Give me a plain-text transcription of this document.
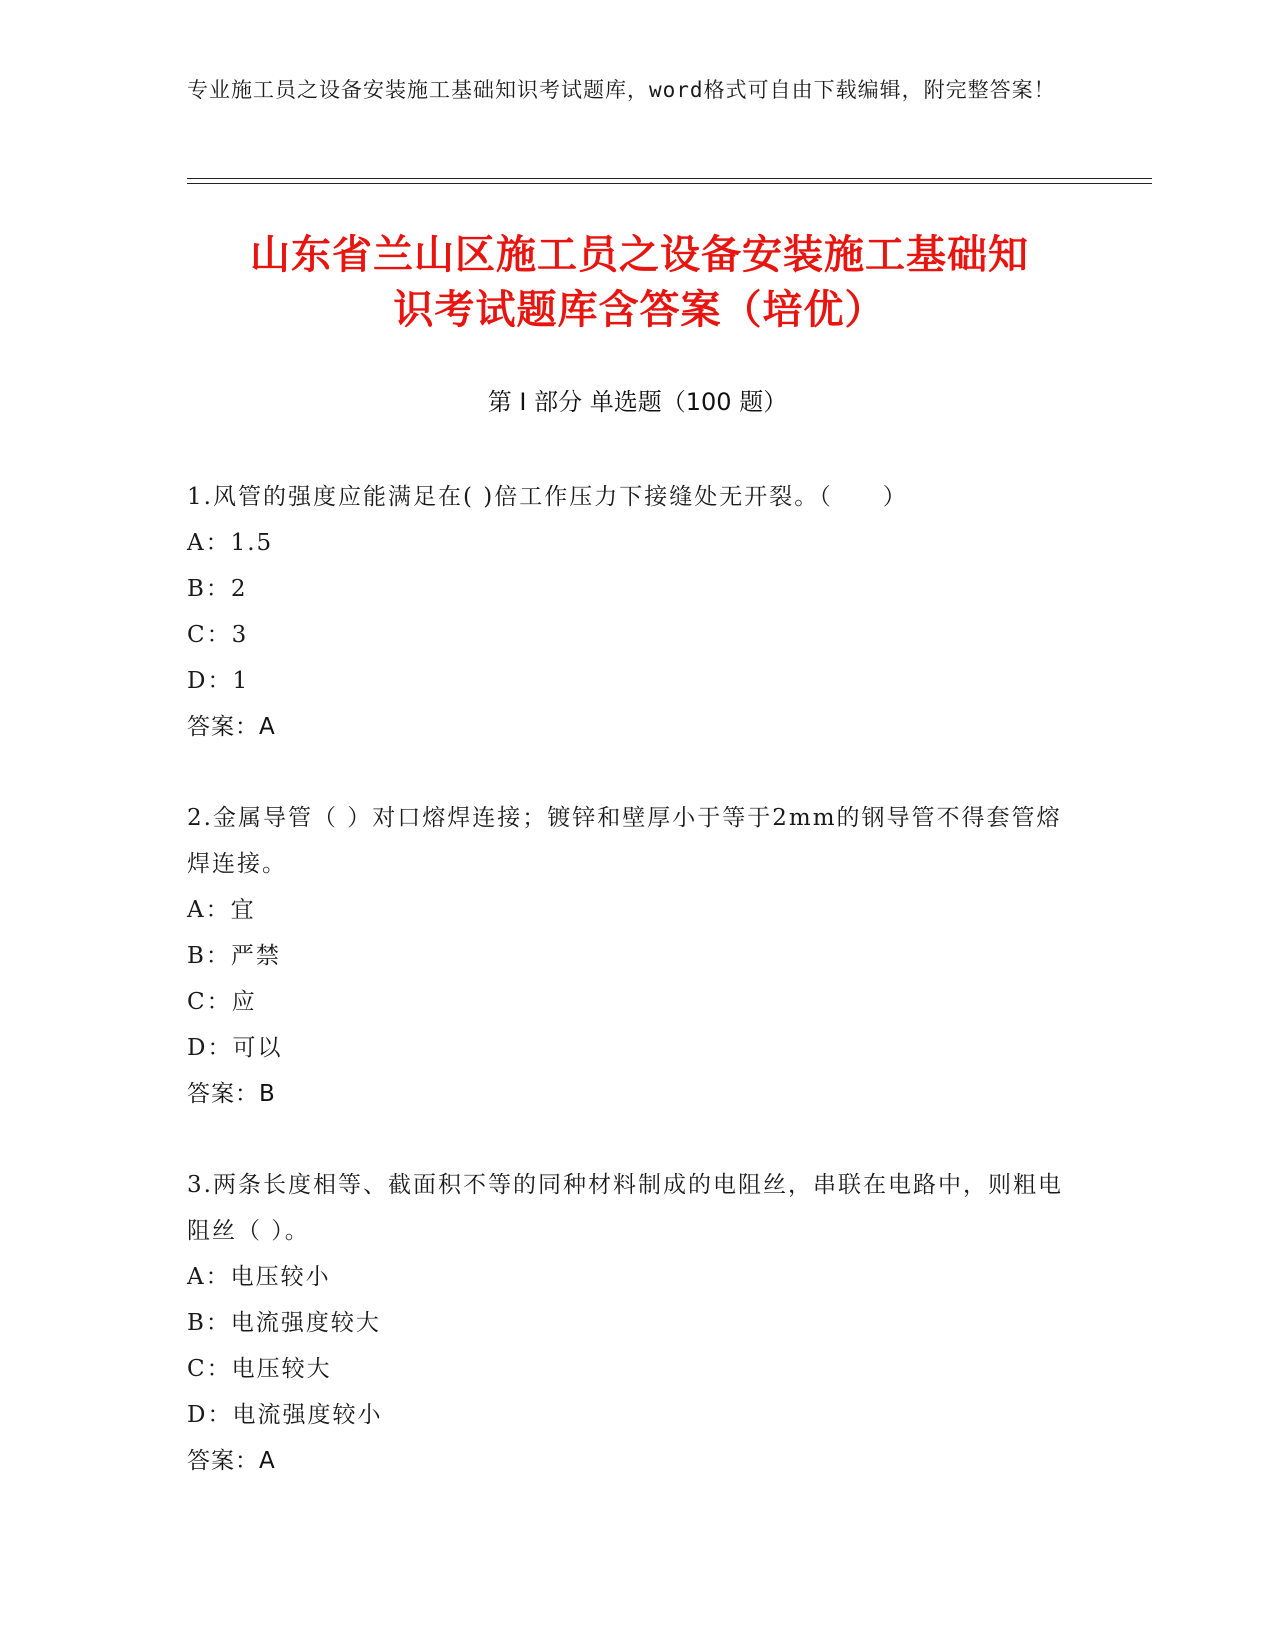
专业施工员之设备安装施工基础知识考试题库，word格式可自由下载编辑，附完整答案！
山东省兰山区施工员之设备安装施工基础知
识考试题库含答案（培优）
第 I 部分 单选题（100 题）
1.风管的强度应能满足在( )倍工作压力下接缝处无开裂。（　　）
A：1.5
B：2
C：3
D：1
答案：A
2.金属导管（ ）对口熔焊连接；镀锌和壁厚小于等于2mm的钢导管不得套管熔焊连接。
A：宜
B：严禁
C：应
D：可以
答案：B
3.两条长度相等、截面积不等的同种材料制成的电阻丝，串联在电路中，则粗电阻丝（ ）。
A：电压较小
B：电流强度较大
C：电压较大
D：电流强度较小
答案：A
